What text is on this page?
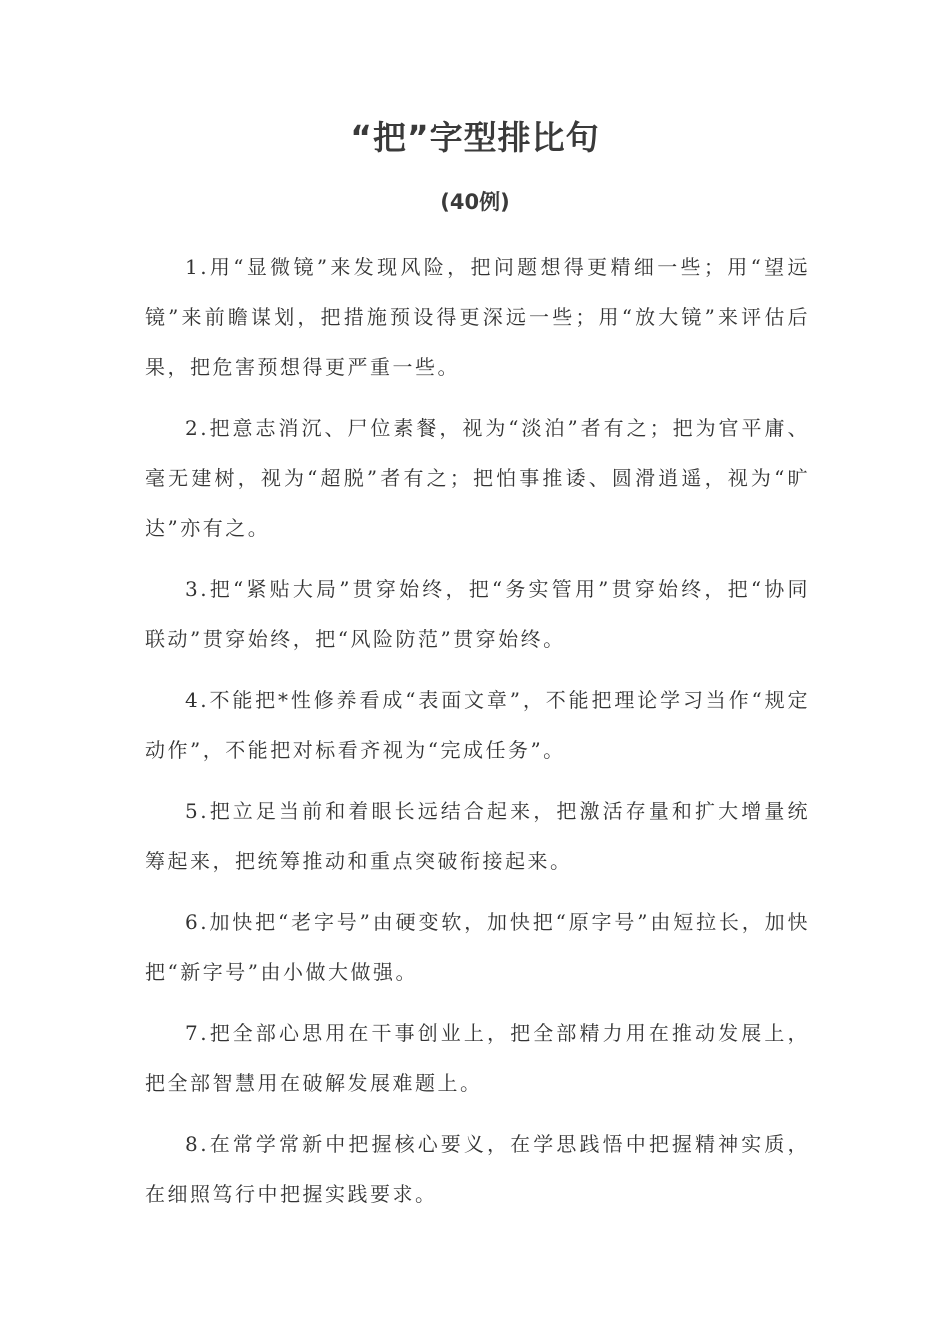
“把”字型排比句
(40例)

1.用“显微镜”来发现风险，把问题想得更精细一些；用“望远镜”来前瞻谋划，把措施预设得更深远一些；用“放大镜”来评估后果，把危害预想得更严重一些。

2.把意志消沉、尸位素餐，视为“淡泊”者有之；把为官平庸、毫无建树，视为“超脱”者有之；把怕事推诿、圆滑逍遥，视为“旷达”亦有之。

3.把“紧贴大局”贯穿始终，把“务实管用”贯穿始终，把“协同联动”贯穿始终，把“风险防范”贯穿始终。

4.不能把*性修养看成“表面文章”，不能把理论学习当作“规定动作”，不能把对标看齐视为“完成任务”。

5.把立足当前和着眼长远结合起来，把激活存量和扩大增量统筹起来，把统筹推动和重点突破衔接起来。

6.加快把“老字号”由硬变软，加快把“原字号”由短拉长，加快把“新字号”由小做大做强。

7.把全部心思用在干事创业上，把全部精力用在推动发展上，把全部智慧用在破解发展难题上。

8.在常学常新中把握核心要义，在学思践悟中把握精神实质，在细照笃行中把握实践要求。
